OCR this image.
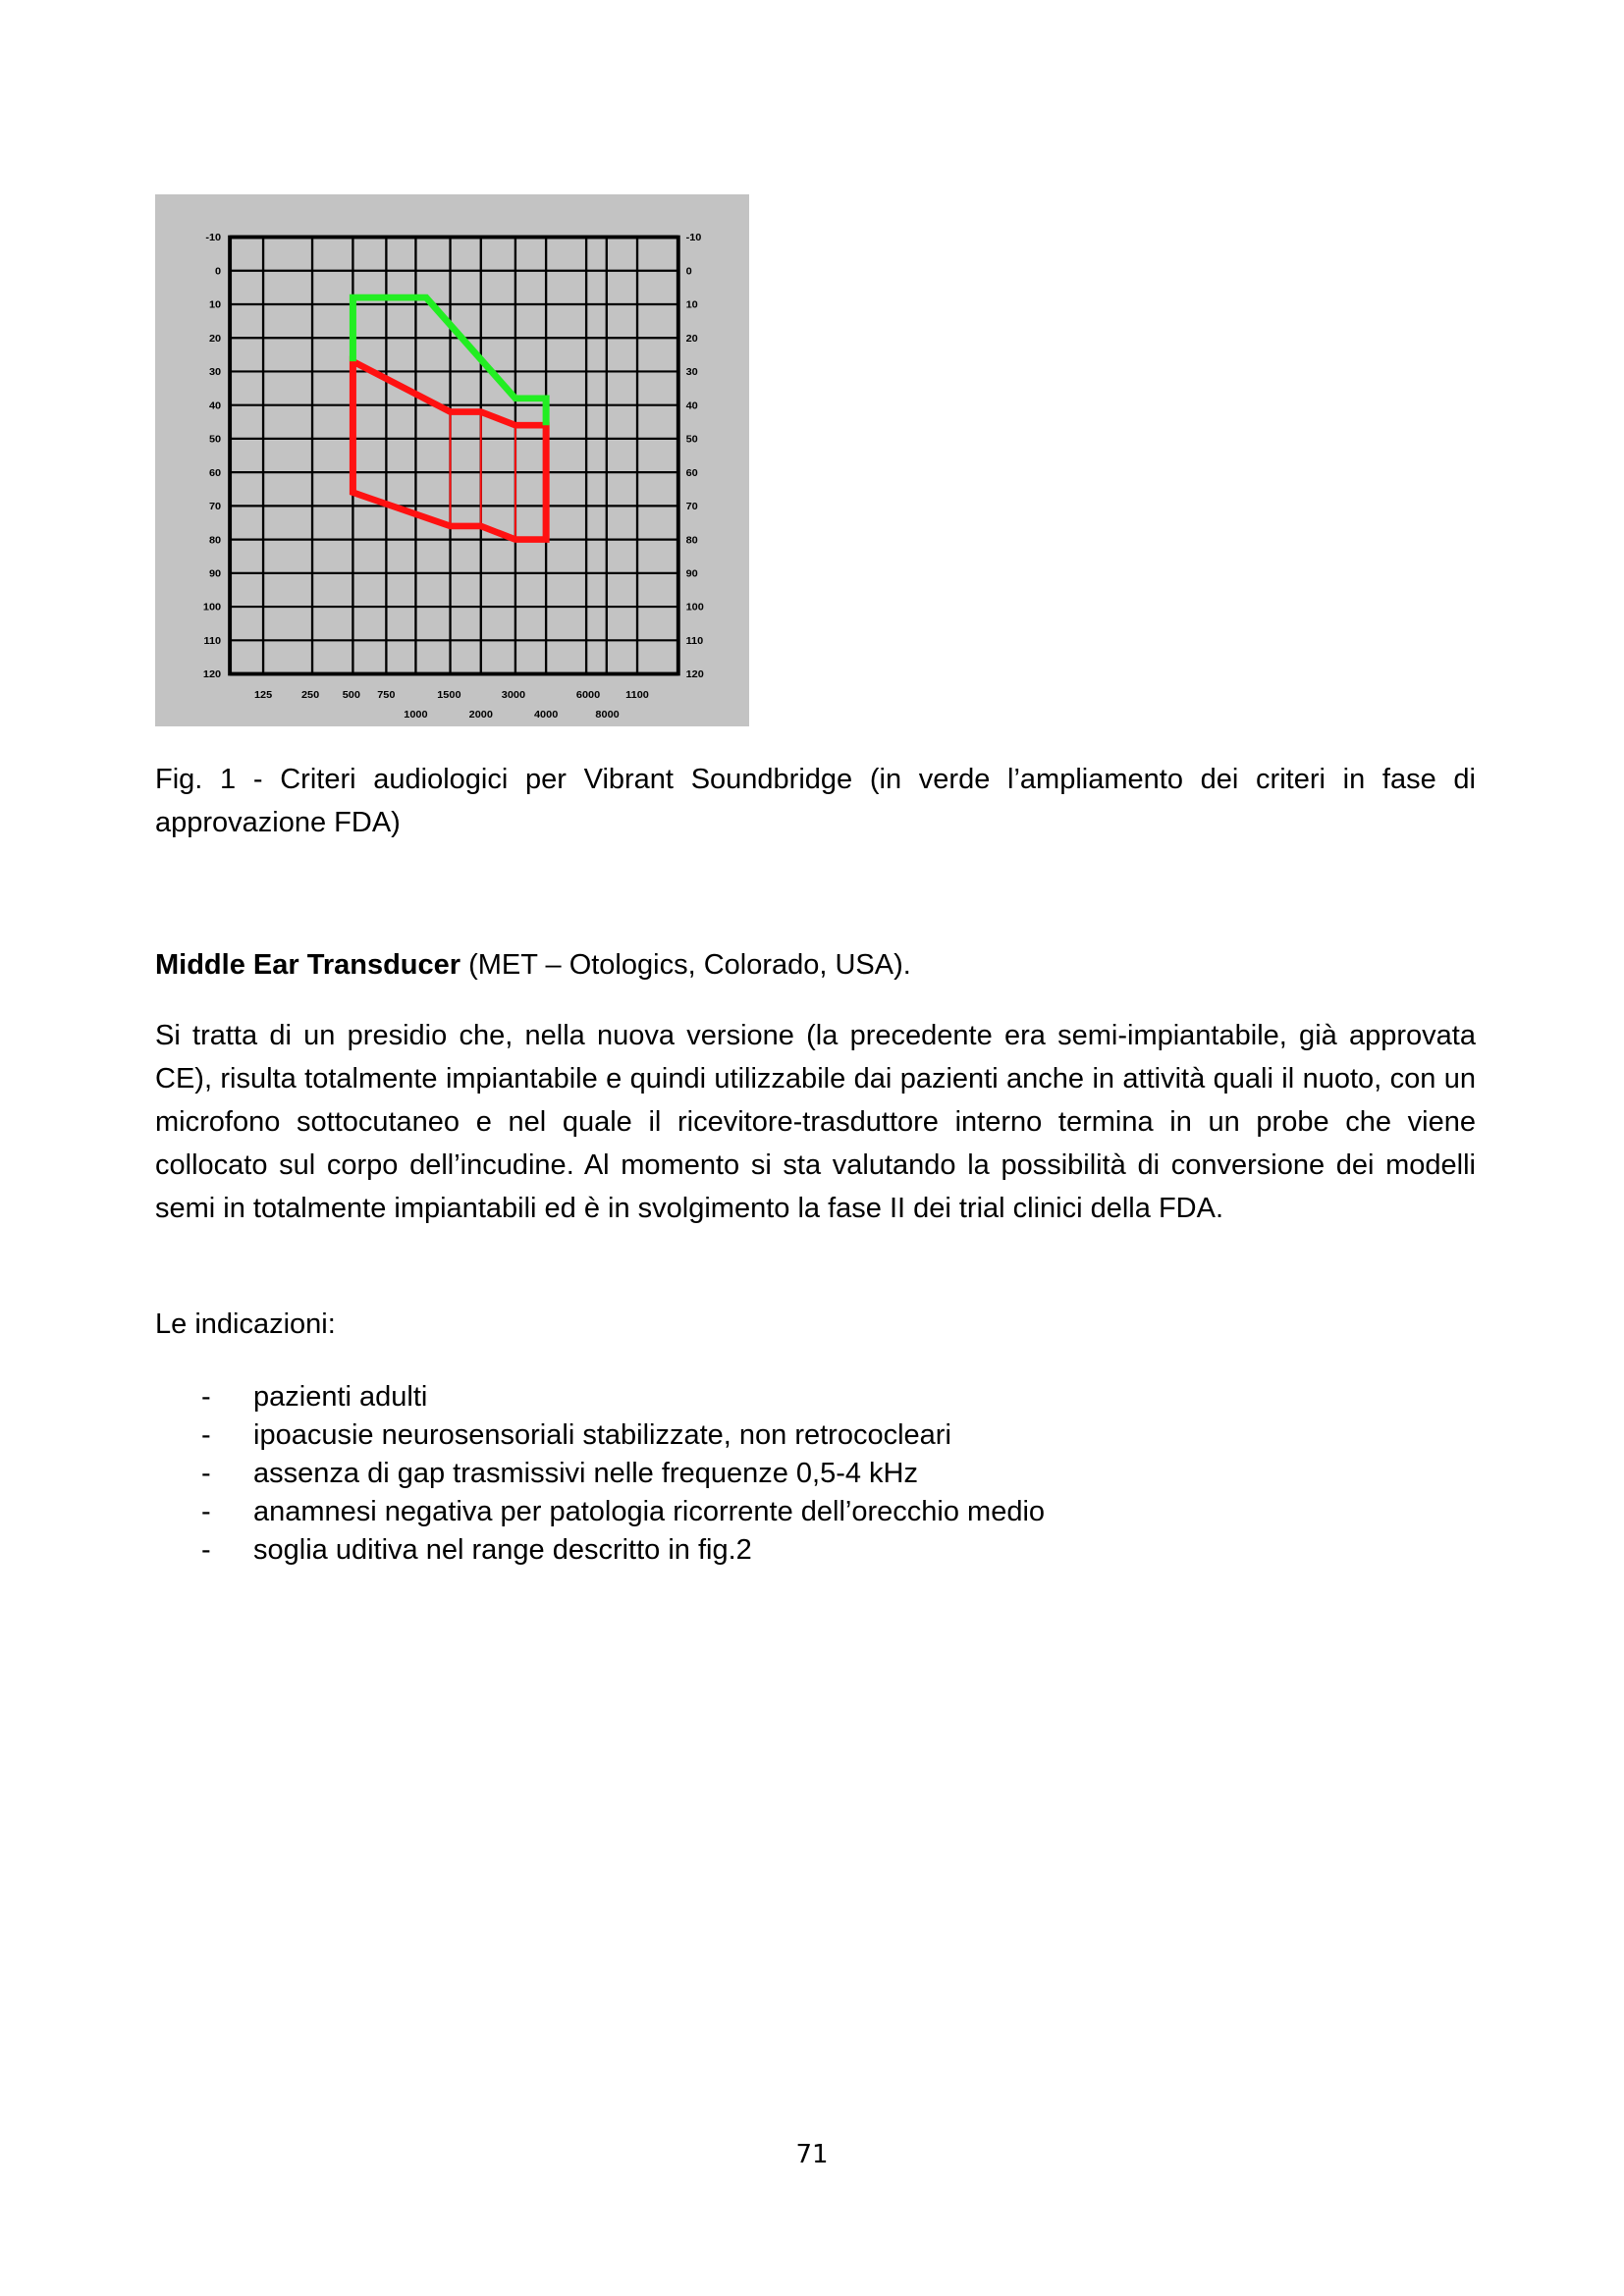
-10	-10
0	0
10	10
20	20
30	30
40	40
50	50
60	60
70	70
80	80
90	90
100	100
110	110
120	120
125 250 500 750 1500 3000 6000 1100
1000 2000 4000 8000
Fig. 1 - Criteri audiologici per Vibrant Soundbridge (in verde l’ampliamento dei criteri in fase di approvazione FDA)
Middle Ear Transducer (MET – Otologics, Colorado, USA).
Si tratta di un presidio che, nella nuova versione (la precedente era semi-impiantabile, già approvata CE), risulta totalmente impiantabile e quindi utilizzabile dai pazienti anche in attività quali il nuoto, con un microfono sottocutaneo e nel quale il ricevitore-trasduttore interno termina in un probe che viene collocato sul corpo dell’incudine. Al momento si sta valutando la possibilità di conversione dei modelli semi in totalmente impiantabili ed è in svolgimento la fase II dei trial clinici della FDA.
Le indicazioni:
- pazienti adulti
- ipoacusie neurosensoriali stabilizzate, non retrococleari
- assenza di gap trasmissivi nelle frequenze 0,5-4 kHz
- anamnesi negativa per patologia ricorrente dell’orecchio medio
- soglia uditiva nel range descritto in fig.2
71
